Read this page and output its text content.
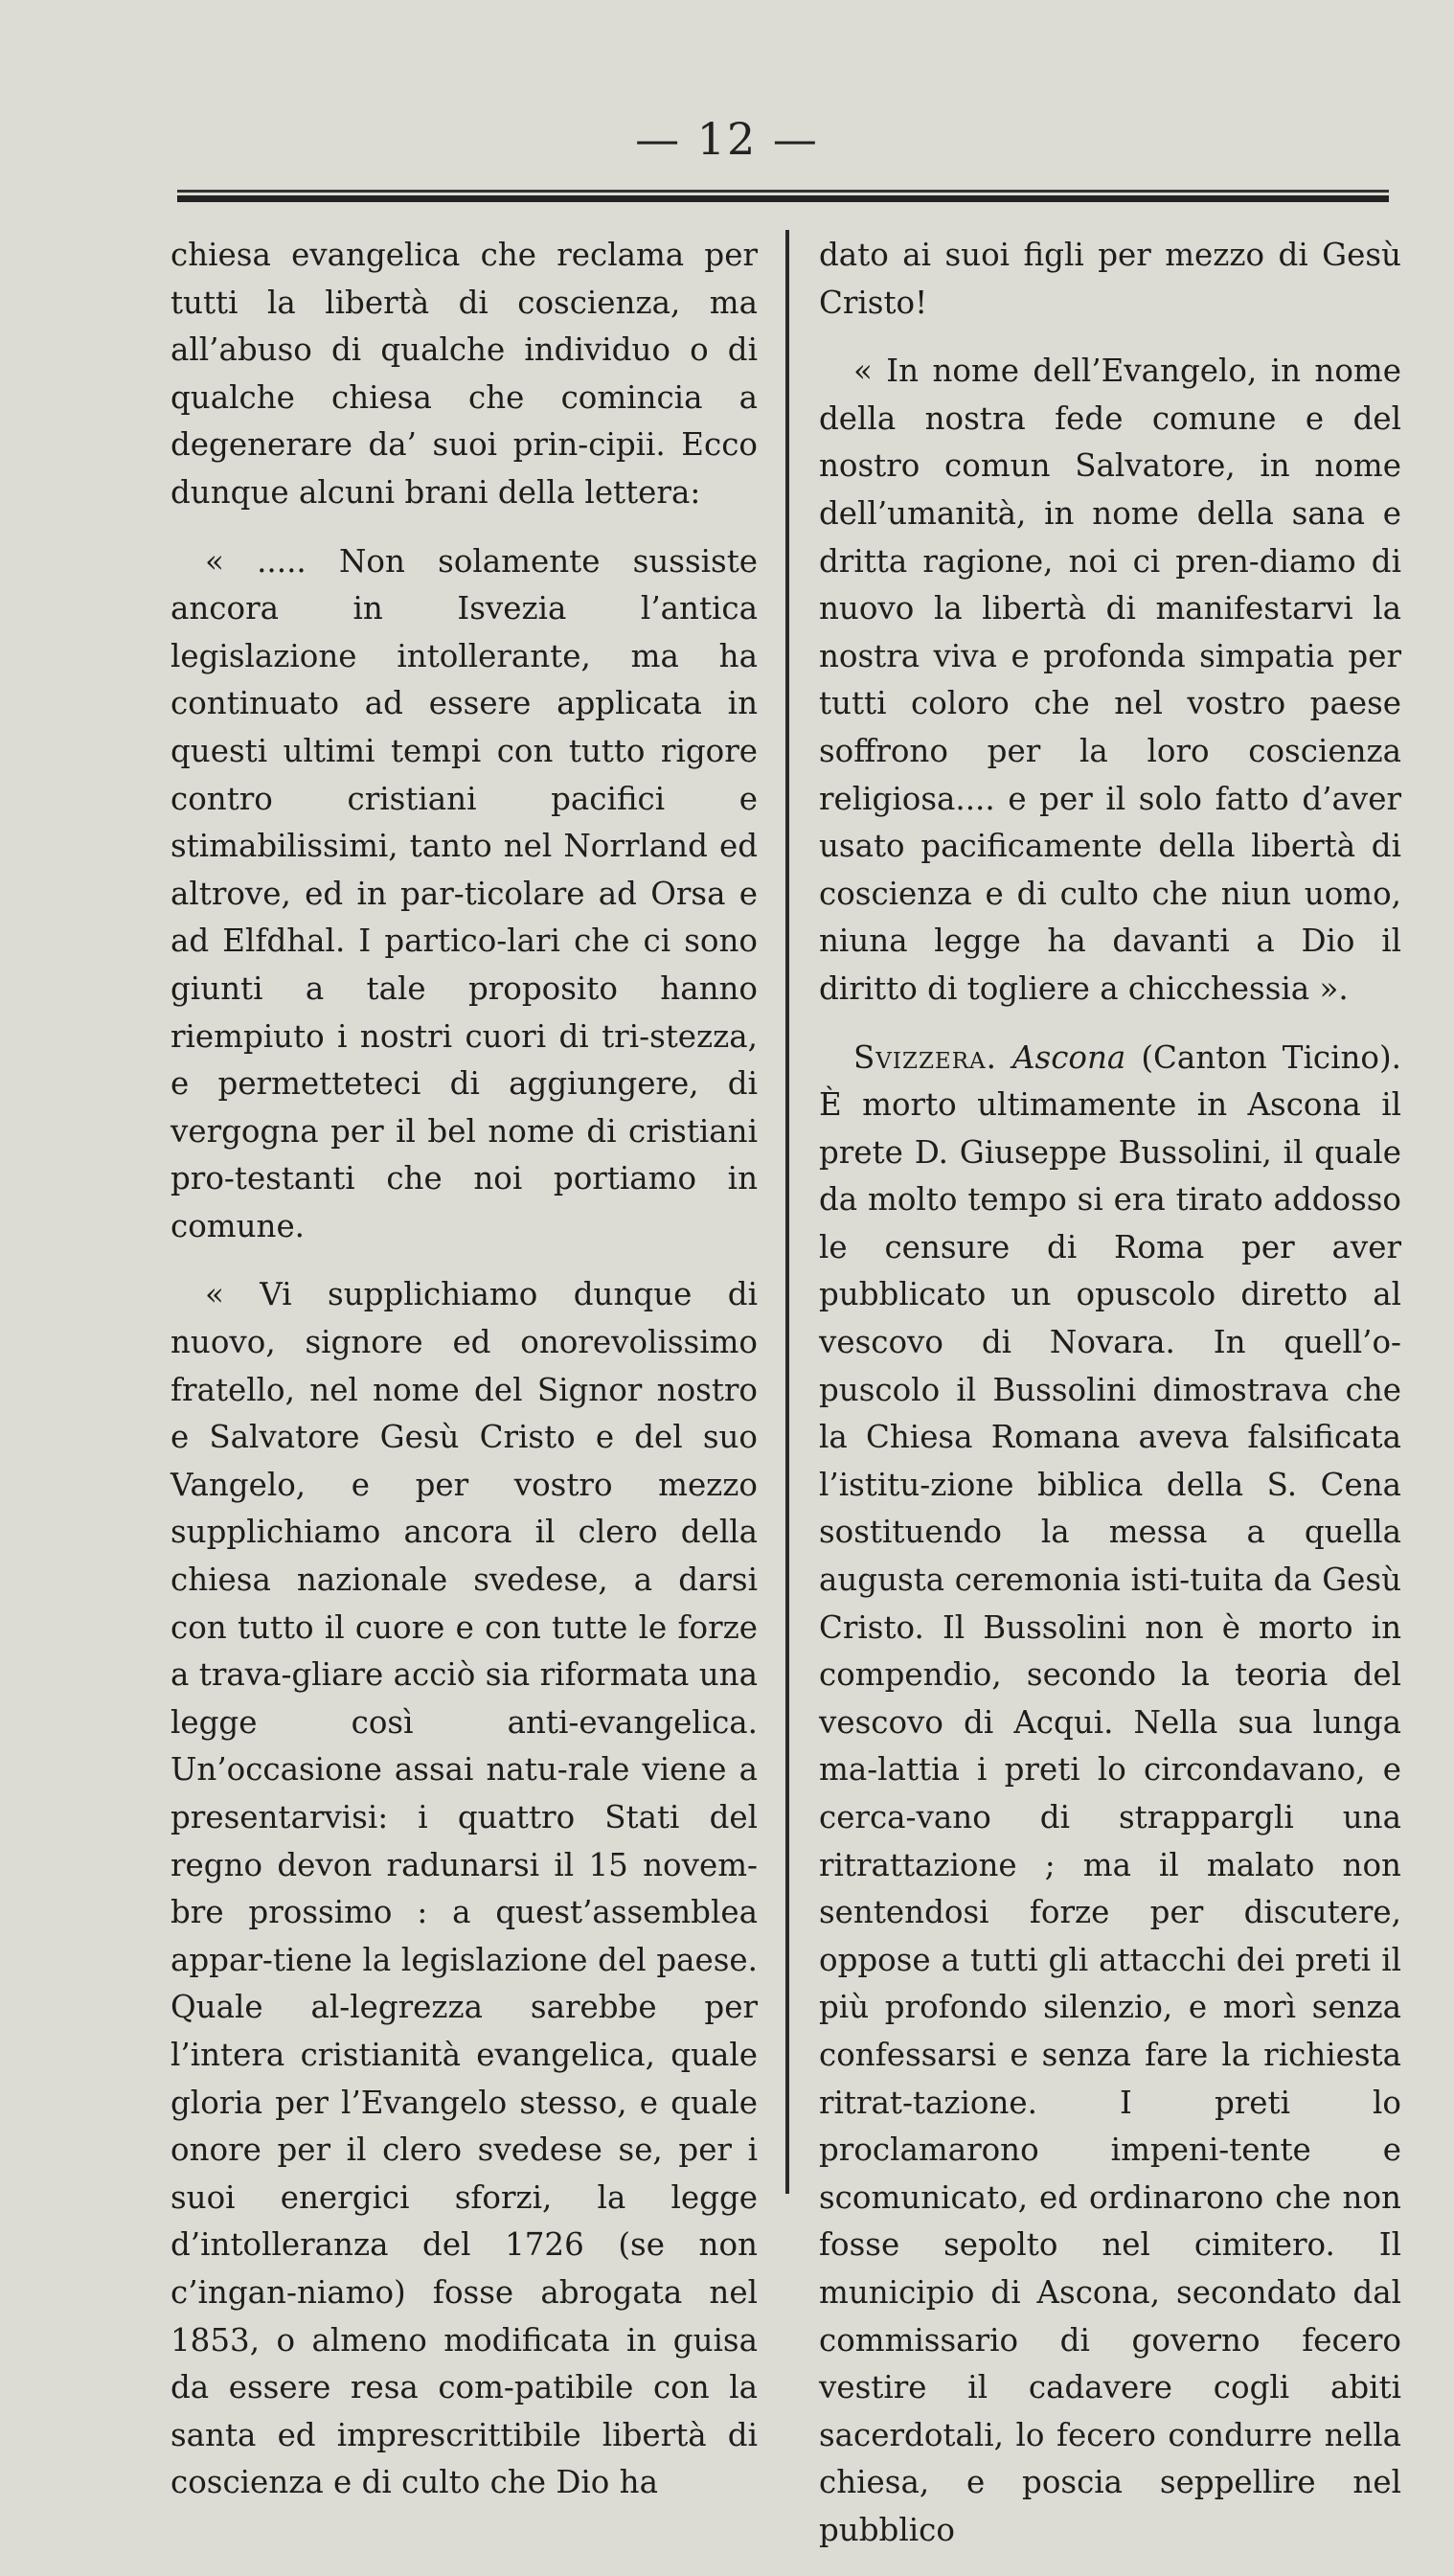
— 12 —

chiesa evangelica che reclama per tutti la libertà di coscienza, ma all’abuso di qualche individuo o di qualche chiesa che comincia a degenerare da’ suoi prin-cipii. Ecco dunque alcuni brani della lettera:

« ..... Non solamente sussiste ancora in Isvezia l’antica legislazione intollerante, ma ha continuato ad essere applicata in questi ultimi tempi con tutto rigore contro cristiani pacifici e stimabilissimi, tanto nel Norrland ed altrove, ed in par-ticolare ad Orsa e ad Elfdhal. I partico-lari che ci sono giunti a tale proposito hanno riempiuto i nostri cuori di tri-stezza, e permetteteci di aggiungere, di vergogna per il bel nome di cristiani pro-testanti che noi portiamo in comune.

« Vi supplichiamo dunque di nuovo, signore ed onorevolissimo fratello, nel nome del Signor nostro e Salvatore Gesù Cristo e del suo Vangelo, e per vostro mezzo supplichiamo ancora il clero della chiesa nazionale svedese, a darsi con tutto il cuore e con tutte le forze a trava-gliare acciò sia riformata una legge così anti-evangelica. Un’occasione assai natu-rale viene a presentarvisi: i quattro Stati del regno devon radunarsi il 15 novem-bre prossimo : a quest’assemblea appar-tiene la legislazione del paese. Quale al-legrezza sarebbe per l’intera cristianità evangelica, quale gloria per l’Evangelo stesso, e quale onore per il clero svedese se, per i suoi energici sforzi, la legge d’intolleranza del 1726 (se non c’ingan-niamo) fosse abrogata nel 1853, o almeno modificata in guisa da essere resa com-patibile con la santa ed imprescrittibile libertà di coscienza e di culto che Dio ha

dato ai suoi figli per mezzo di Gesù Cristo!

« In nome dell’Evangelo, in nome della nostra fede comune e del nostro comun Salvatore, in nome dell’umanità, in nome della sana e dritta ragione, noi ci pren-diamo di nuovo la libertà di manifestarvi la nostra viva e profonda simpatia per tutti coloro che nel vostro paese soffrono per la loro coscienza religiosa.... e per il solo fatto d’aver usato pacificamente della libertà di coscienza e di culto che niun uomo, niuna legge ha davanti a Dio il diritto di togliere a chicchessia ».

Svizzera. Ascona (Canton Ticino). È morto ultimamente in Ascona il prete D. Giuseppe Bussolini, il quale da molto tempo si era tirato addosso le censure di Roma per aver pubblicato un opuscolo diretto al vescovo di Novara. In quell’o-puscolo il Bussolini dimostrava che la Chiesa Romana aveva falsificata l’istitu-zione biblica della S. Cena sostituendo la messa a quella augusta ceremonia isti-tuita da Gesù Cristo. Il Bussolini non è morto in compendio, secondo la teoria del vescovo di Acqui. Nella sua lunga ma-lattia i preti lo circondavano, e cerca-vano di strappargli una ritrattazione ; ma il malato non sentendosi forze per discutere, oppose a tutti gli attacchi dei preti il più profondo silenzio, e morì senza confessarsi e senza fare la richiesta ritrat-tazione. I preti lo proclamarono impeni-tente e scomunicato, ed ordinarono che non fosse sepolto nel cimitero. Il municipio di Ascona, secondato dal commissario di governo fecero vestire il cadavere cogli abiti sacerdotali, lo fecero condurre nella chiesa, e poscia seppellire nel pubblico
